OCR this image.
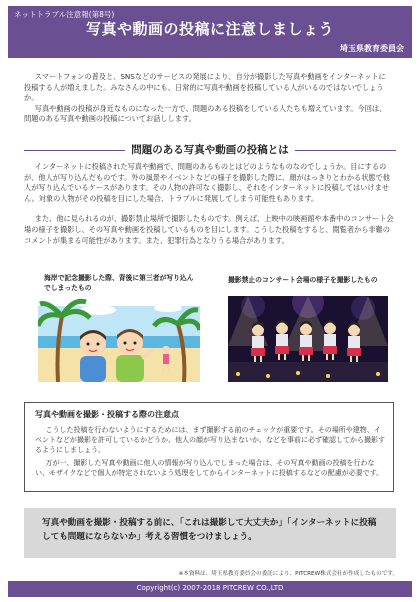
ネットトラブル注意報(第8号)
写真や動画の投稿に注意しましょう
埼玉県教育委員会

スマートフォンの普及と、SNSなどのサービスの発展により、自分が撮影した写真や動画をインターネットに投稿する人が増えました。みなさんの中にも、日常的に写真や動画を投稿している人がいるのではないでしょうか。

写真や動画の投稿が身近なものになった一方で、問題のある投稿をしている人たちも増えています。今回は、問題のある写真や動画の投稿についてお話しします。

問題のある写真や動画の投稿とは

インターネットに投稿された写真や動画で、問題のあるものとはどのようなものなのでしょうか。目にするのが、他人が写り込んだものです。外の風景やイベントなどの様子を撮影した際に、顔がはっきりとわかる状態で他人が写り込んでいるケースがあります。その人物の許可なく撮影し、それをインターネットに投稿してはいけません。対象の人物がその投稿を目にした場合、トラブルに発展してしまう可能性もあります。

また、他に見られるのが、撮影禁止場所で撮影したものです。例えば、上映中の映画館や本番中のコンサート会場の様子を撮影し、その写真や動画を投稿しているものを目にします。こうした投稿をすると、閲覧者から非難のコメントが集まる可能性があります。また、犯罪行為となりうる場合があります。

海岸で記念撮影した際、背後に第三者が写り込んでしまったもの
撮影禁止のコンサート会場の様子を撮影したもの
写真や動画を撮影・投稿する際の注意点

こうした投稿を行わないようにするためには、まず撮影する前のチェックが重要です。その場所や建物、イベントなどが撮影を許可しているかどうか、他人の顔が写り込まないか、などを事前に必ず確認してから撮影するようにしましょう。

万が一、撮影した写真や動画に他人の情報が写り込んでしまった場合は、その写真や動画の投稿を行わない、モザイクなどで個人が特定されないよう処理をしてからインターネットに投稿するなどの配慮が必要です。

写真や動画を撮影・投稿する前に、「これは撮影して大丈夫か」「インターネットに投稿しても問題にならないか」考える習慣をつけましょう。
※本資料は、埼玉県教育委員会の委託により、PITCREW株式会社が作成したものです。
Copyright(c) 2007-2018 PITCREW CO.,LTD
